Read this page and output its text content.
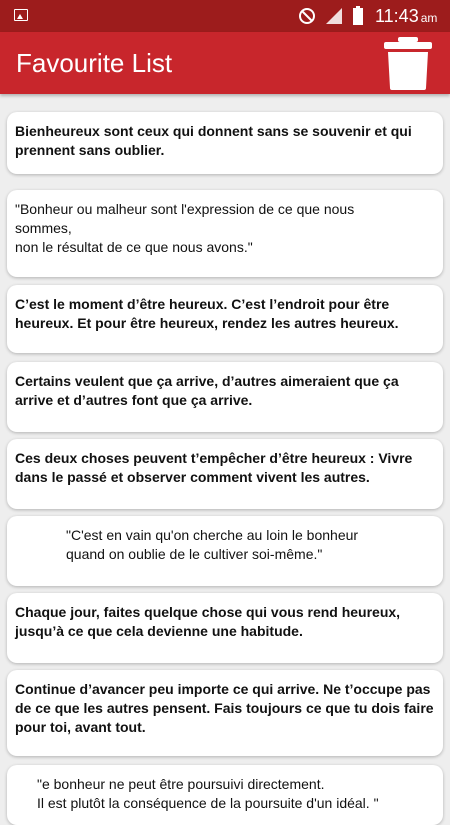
11:43 am
Favourite List
Bienheureux sont ceux qui donnent sans se souvenir et qui
prennent sans oublier.
"Bonheur ou malheur sont l'expression de ce que nous
sommes,
non le résultat de ce que nous avons."
C’est le moment d’être heureux. C’est l’endroit pour être
heureux. Et pour être heureux, rendez les autres heureux.
Certains veulent que ça arrive, d’autres aimeraient que ça
arrive et d’autres font que ça arrive.
Ces deux choses peuvent t’empêcher d’être heureux : Vivre
dans le passé et observer comment vivent les autres.
"C'est en vain qu'on cherche au loin le bonheur
quand on oublie de le cultiver soi-même."
Chaque jour, faites quelque chose qui vous rend heureux,
jusqu’à ce que cela devienne une habitude.
Continue d’avancer peu importe ce qui arrive. Ne t’occupe pas
de ce que les autres pensent. Fais toujours ce que tu dois faire
pour toi, avant tout.
"e bonheur ne peut être poursuivi directement.
Il est plutôt la conséquence de la poursuite d'un idéal. "
